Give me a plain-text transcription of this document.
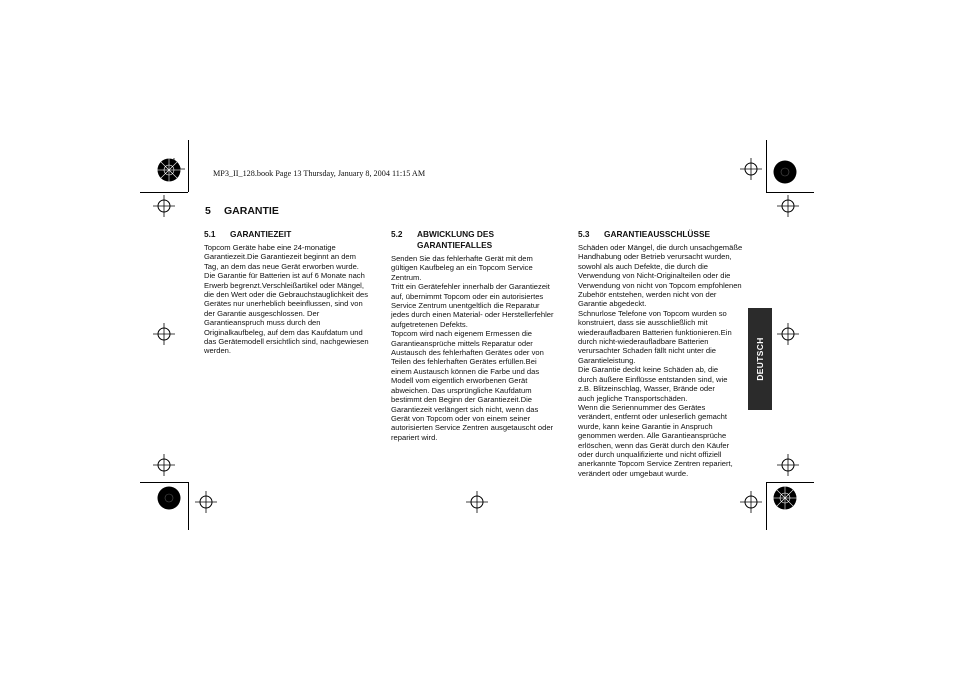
MP3_II_128.book Page 13 Thursday, January 8, 2004 11:15 AM
5 GARANTIE
5.1	GARANTIEZEIT
Topcom Geräte habe eine 24-monatige
Garantiezeit.Die Garantiezeit beginnt an dem
Tag, an dem das neue Gerät erworben wurde.
Die Garantie für Batterien ist auf 6 Monate nach
Erwerb begrenzt.Verschleißartikel oder Mängel,
die den Wert oder die Gebrauchstauglichkeit des
Gerätes nur unerheblich beeinflussen, sind von
der Garantie ausgeschlossen. Der
Garantieanspruch muss durch den
Originalkaufbeleg, auf dem das Kaufdatum und
das Gerätemodell ersichtlich sind, nachgewiesen
werden.
5.2	ABWICKLUNG DES GARANTIEFALLES
Senden Sie das fehlerhafte Gerät mit dem
gültigen Kaufbeleg an ein Topcom Service
Zentrum.
Tritt ein Gerätefehler innerhalb der Garantiezeit
auf, übernimmt Topcom oder ein autorisiertes
Service Zentrum unentgeltlich die Reparatur
jedes durch einen Material- oder Herstellerfehler
aufgetretenen Defekts.
Topcom wird nach eigenem Ermessen die
Garantieansprüche mittels Reparatur oder
Austausch des fehlerhaften Gerätes oder von
Teilen des fehlerhaften Gerätes erfüllen.Bei
einem Austausch können die Farbe und das
Modell vom eigentlich erworbenen Gerät
abweichen. Das ursprüngliche Kaufdatum
bestimmt den Beginn der Garantiezeit.Die
Garantiezeit verlängert sich nicht, wenn das
Gerät von Topcom oder von einem seiner
autorisierten Service Zentren ausgetauscht oder
repariert wird.
5.3	GARANTIEAUSSCHLÜSSE
Schäden oder Mängel, die durch unsachgemäße
Handhabung oder Betrieb verursacht wurden,
sowohl als auch Defekte, die durch die
Verwendung von Nicht-Originalteilen oder die
Verwendung von nicht von Topcom empfohlenen
Zubehör entstehen, werden nicht von der
Garantie abgedeckt.
Schnurlose Telefone von Topcom wurden so
konstruiert, dass sie ausschließlich mit
wiederaufladbaren Batterien funktionieren.Ein
durch nicht-wiederaufladbare Batterien
verursachter Schaden fällt nicht unter die
Garantieleistung.
Die Garantie deckt keine Schäden ab, die
durch äußere Einflüsse entstanden sind, wie
z.B. Blitzeinschlag, Wasser, Brände oder
auch jegliche Transportschäden.
Wenn die Seriennummer des Gerätes
verändert, entfernt oder unleserlich gemacht
wurde, kann keine Garantie in Anspruch
genommen werden. Alle Garantieansprüche
erlöschen, wenn das Gerät durch den Käufer
oder durch unqualifizierte und nicht offiziell
anerkannte Topcom Service Zentren repariert,
verändert oder umgebaut wurde.
DEUTSCH
